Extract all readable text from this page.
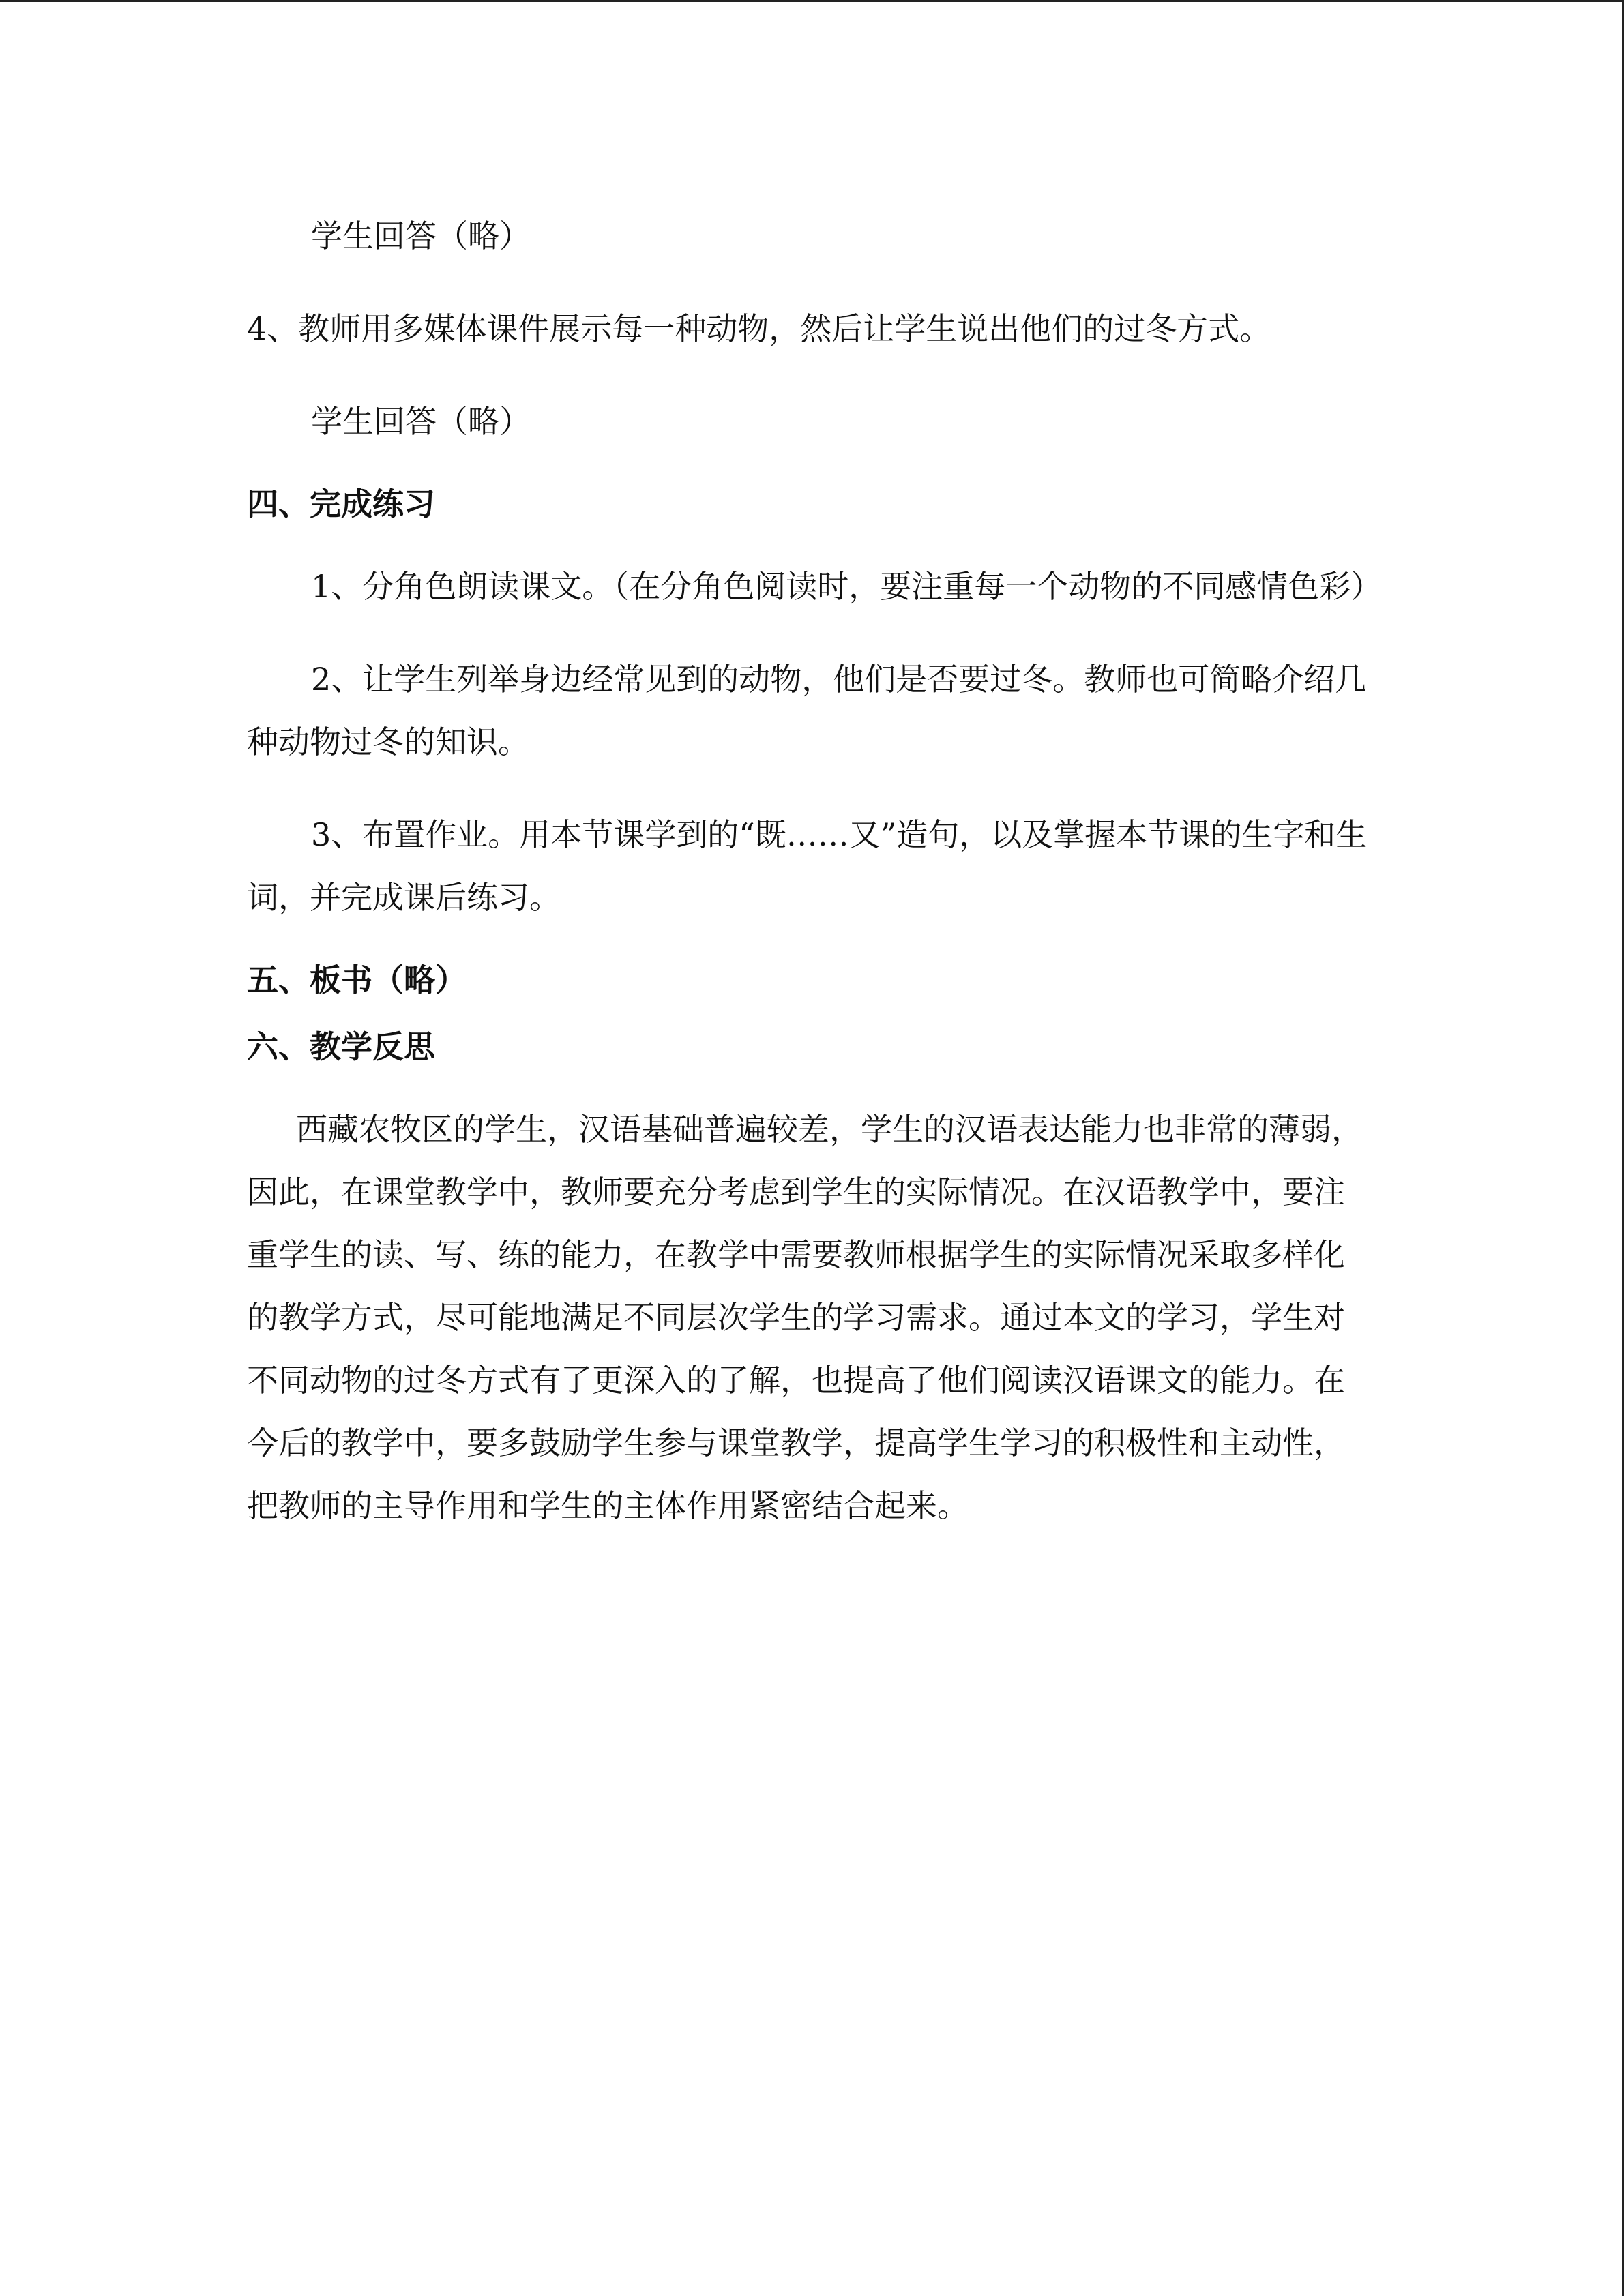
学生回答（略）

4、教师用多媒体课件展示每一种动物，然后让学生说出他们的过冬方式。

学生回答（略）

四、完成练习

1、分角色朗读课文。（在分角色阅读时，要注重每一个动物的不同感情色彩）

2、让学生列举身边经常见到的动物，他们是否要过冬。教师也可简略介绍几种动物过冬的知识。

3、布置作业。用本节课学到的“既……又”造句，以及掌握本节课的生字和生词，并完成课后练习。

五、板书（略）
六、教学反思

西藏农牧区的学生，汉语基础普遍较差，学生的汉语表达能力也非常的薄弱，因此，在课堂教学中，教师要充分考虑到学生的实际情况。在汉语教学中，要注重学生的读、写、练的能力，在教学中需要教师根据学生的实际情况采取多样化的教学方式，尽可能地满足不同层次学生的学习需求。通过本文的学习，学生对不同动物的过冬方式有了更深入的了解，也提高了他们阅读汉语课文的能力。在今后的教学中，要多鼓励学生参与课堂教学，提高学生学习的积极性和主动性，把教师的主导作用和学生的主体作用紧密结合起来。
